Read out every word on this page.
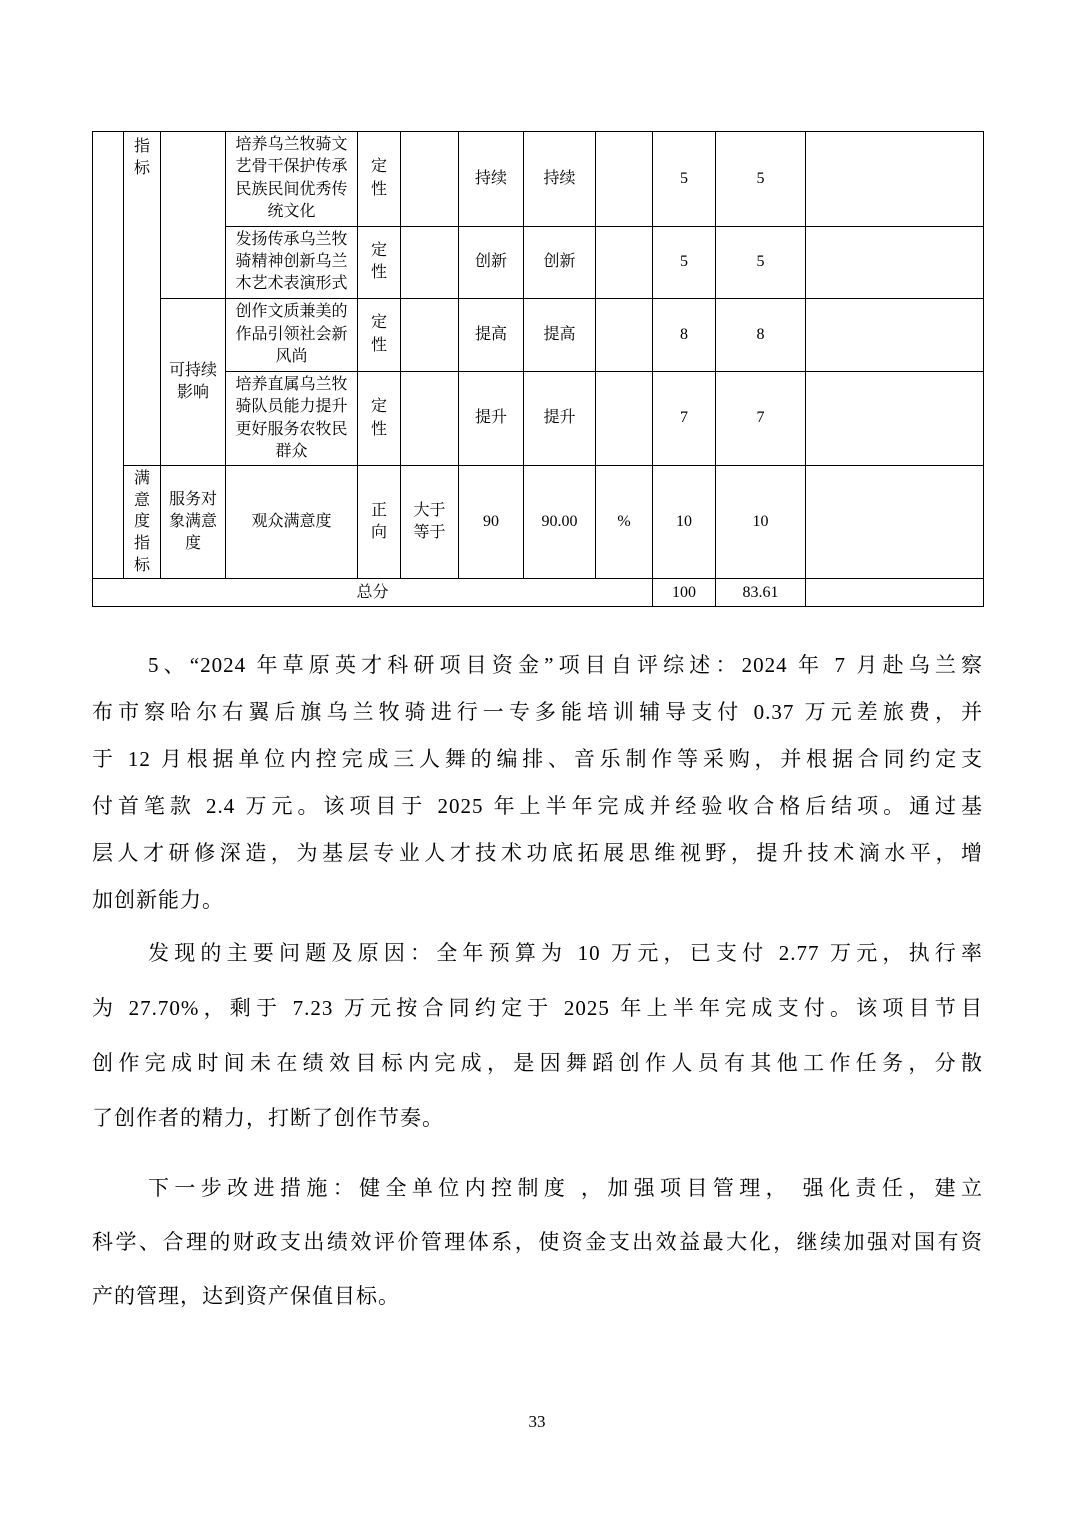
	指标		培养乌兰牧骑文艺骨干保护传承民族民间优秀传统文化	定性		持续	持续		5	5	
			发扬传承乌兰牧骑精神创新乌兰木艺术表演形式	定性		创新	创新		5	5	
		可持续影响	创作文质兼美的作品引领社会新风尚	定性		提高	提高		8	8	
			培养直属乌兰牧骑队员能力提升更好服务农牧民群众	定性		提升	提升		7	7	
	满意度指标	服务对象满意度	观众满意度	正向	大于等于	90	90.00	%	10	10	
总分									100	83.61	
5、“2024 年草原英才科研项目资金”项目自评综述：2024 年 7 月赴乌兰察
布市察哈尔右翼后旗乌兰牧骑进行一专多能培训辅导支付 0.37 万元差旅费，并
于 12 月根据单位内控完成三人舞的编排、音乐制作等采购，并根据合同约定支
付首笔款 2.4 万元。该项目于 2025 年上半年完成并经验收合格后结项。通过基
层人才研修深造，为基层专业人才技术功底拓展思维视野，提升技术滴水平，增
加创新能力。
发现的主要问题及原因：全年预算为 10 万元，已支付 2.77 万元，执行率
为 27.70%，剩于 7.23 万元按合同约定于 2025 年上半年完成支付。该项目节目
创作完成时间未在绩效目标内完成，是因舞蹈创作人员有其他工作任务，分散
了创作者的精力，打断了创作节奏。
下一步改进措施：健全单位内控制度 ，加强项目管理， 强化责任，建立
科学、合理的财政支出绩效评价管理体系，使资金支出效益最大化，继续加强对国有资
产的管理，达到资产保值目标。
33
